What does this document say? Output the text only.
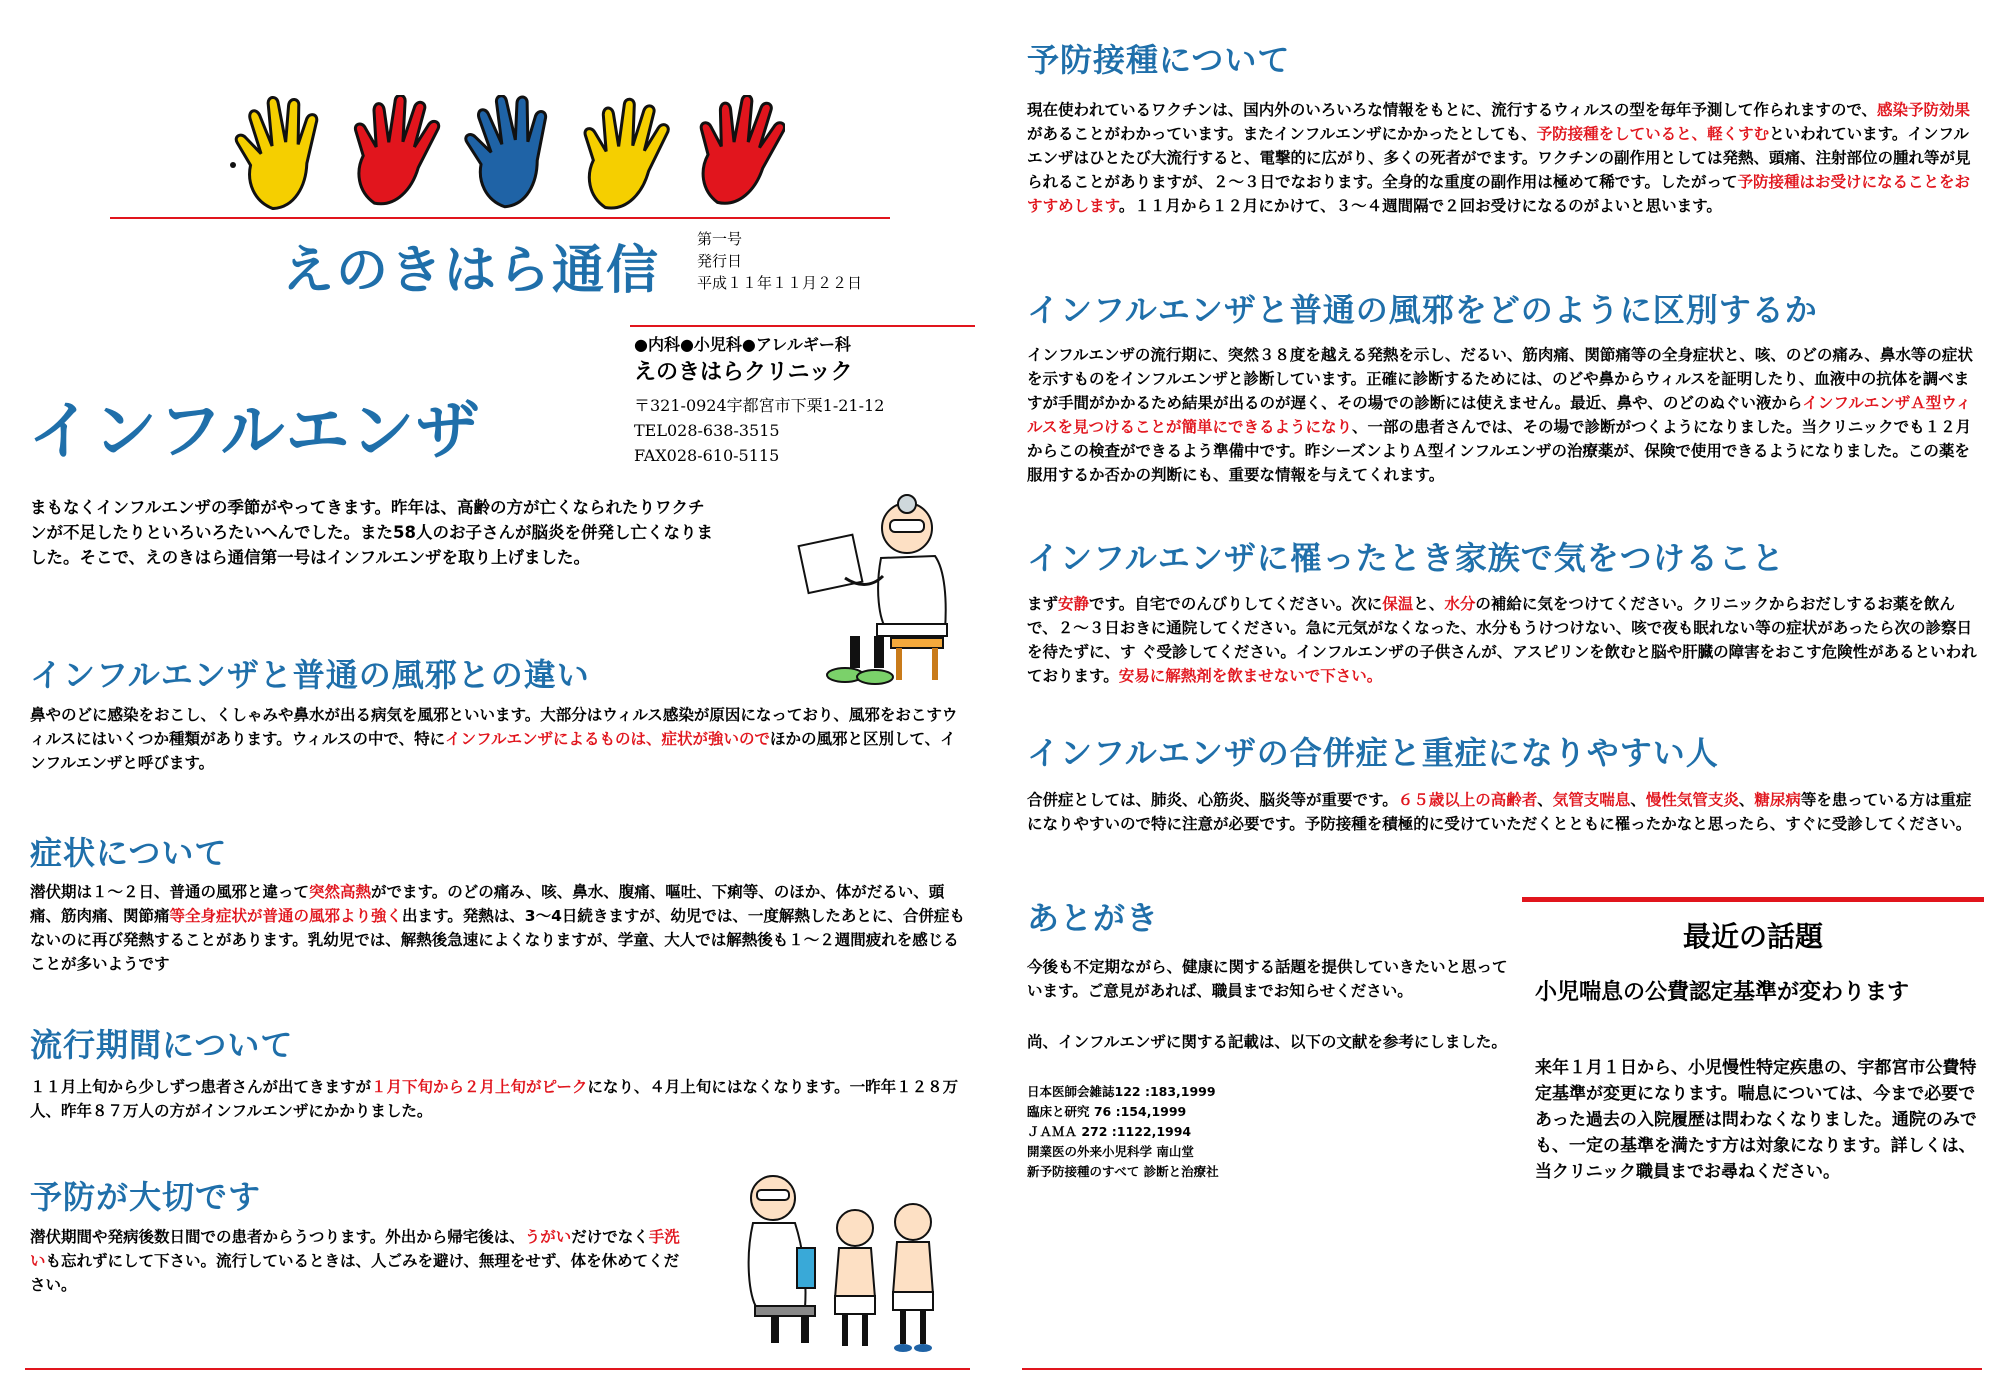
えのきはら通信
第一号
発行日
平成１１年１１月２２日
●内科●小児科●アレルギー科
えのきはらクリニック
〒321-0924宇都宮市下栗1-21-12
TEL028-638-3515
FAX028-610-5115
インフルエンザ
まもなくインフルエンザの季節がやってきます。昨年は、高齢の方が亡くなられたりワクチンが不足したりといろいろたいへんでした。また58人のお子さんが脳炎を併発し亡くなりました。そこで、えのきはら通信第一号はインフルエンザを取り上げました。
インフルエンザと普通の風邪との違い
鼻やのどに感染をおこし、くしゃみや鼻水が出る病気を風邪といいます。大部分はウィルス感染が原因になっており、風邪をおこすウィルスにはいくつか種類があります。ウィルスの中で、特にインフルエンザによるものは、症状が強いのでほかの風邪と区別して、インフルエンザと呼びます。
症状について
潜伏期は１～２日、普通の風邪と違って突然高熱がでます。のどの痛み、咳、鼻水、腹痛、嘔吐、下痢等、のほか、体がだるい、頭痛、筋肉痛、関節痛等全身症状が普通の風邪より強く出ます。発熱は、3～4日続きますが、幼児では、一度解熱したあとに、合併症もないのに再び発熱することがあります。乳幼児では、解熱後急速によくなりますが、学童、大人では解熱後も１～２週間疲れを感じることが多いようです
流行期間について
１１月上旬から少しずつ患者さんが出てきますが１月下旬から２月上旬がピークになり、４月上旬にはなくなります。一昨年１２８万人、昨年８７万人の方がインフルエンザにかかりました。
予防が大切です
潜伏期間や発病後数日間での患者からうつります。外出から帰宅後は、うがいだけでなく手洗いも忘れずにして下さい。流行しているときは、人ごみを避け、無理をせず、体を休めてください。
予防接種について
現在使われているワクチンは、国内外のいろいろな情報をもとに、流行するウィルスの型を毎年予測して作られますので、感染予防効果があることがわかっています。またインフルエンザにかかったとしても、予防接種をしていると、軽くすむといわれています。インフルエンザはひとたび大流行すると、電撃的に広がり、多くの死者がでます。ワクチンの副作用としては発熱、頭痛、注射部位の腫れ等が見られることがありますが、２～３日でなおります。全身的な重度の副作用は極めて稀です。したがって予防接種はお受けになることをおすすめします。１１月から１２月にかけて、３～４週間隔で２回お受けになるのがよいと思います。
インフルエンザと普通の風邪をどのように区別するか
インフルエンザの流行期に、突然３８度を越える発熱を示し、だるい、筋肉痛、関節痛等の全身症状と、咳、のどの痛み、鼻水等の症状を示すものをインフルエンザと診断しています。正確に診断するためには、のどや鼻からウィルスを証明したり、血液中の抗体を調べますが手間がかかるため結果が出るのが遅く、その場での診断には使えません。最近、鼻や、のどのぬぐい液からインフルエンザＡ型ウィルスを見つけることが簡単にできるようになり、一部の患者さんでは、その場で診断がつくようになりました。当クリニックでも１２月からこの検査ができるよう準備中です。昨シーズンよりＡ型インフルエンザの治療薬が、保険で使用できるようになりました。この薬を服用するか否かの判断にも、重要な情報を与えてくれます。
インフルエンザに罹ったとき家族で気をつけること
まず安静です。自宅でのんびりしてください。次に保温と、水分の補給に気をつけてください。クリニックからおだしするお薬を飲んで、２～３日おきに通院してください。急に元気がなくなった、水分もうけつけない、咳で夜も眠れない等の症状があったら次の診察日を待たずに、す ぐ受診してください。インフルエンザの子供さんが、アスピリンを飲むと脳や肝臓の障害をおこす危険性があるといわれております。安易に解熱剤を飲ませないで下さい。
インフルエンザの合併症と重症になりやすい人
合併症としては、肺炎、心筋炎、脳炎等が重要です。６５歳以上の高齢者、気管支喘息、慢性気管支炎、糖尿病等を患っている方は重症になりやすいので特に注意が必要です。予防接種を積極的に受けていただくとともに罹ったかなと思ったら、すぐに受診してください。
あとがき
今後も不定期ながら、健康に関する話題を提供していきたいと思っています。ご意見があれば、職員までお知らせください。
尚、インフルエンザに関する記載は、以下の文献を参考にしました。
日本医師会雑誌122 :183,1999
臨床と研究 76 :154,1999
ＪＡＭＡ 272 :1122,1994
開業医の外来小児科学 南山堂
新予防接種のすべて 診断と治療社
最近の話題
小児喘息の公費認定基準が変わります
来年１月１日から、小児慢性特定疾患の、宇都宮市公費特定基準が変更になります。喘息については、今まで必要であった過去の入院履歴は問わなくなりました。通院のみでも、一定の基準を満たす方は対象になります。詳しくは、当クリニック職員までお尋ねください。
